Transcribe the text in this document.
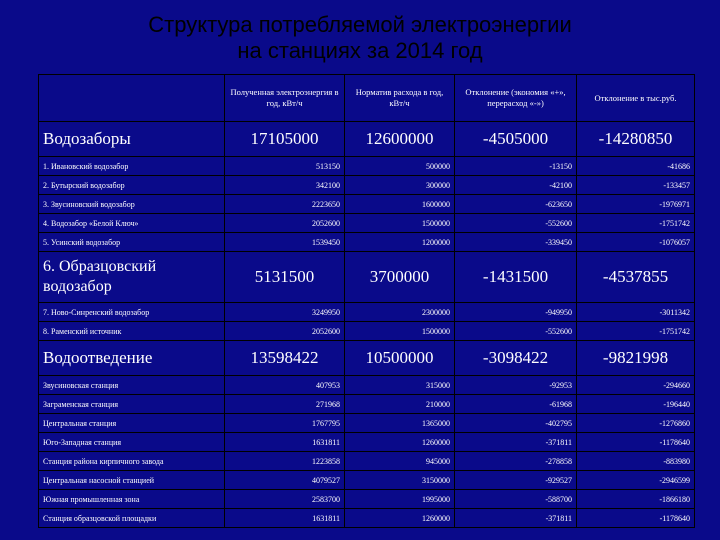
Структура потребляемой электроэнергии
на станциях за 2014 год
	Полученная электроэнергия в год, кВт/ч	Норматив расхода в год, кВт/ч	Отклонение (экономия «+», перерасход «-»)	Отклонение в тыс.руб.
Водозаборы	17105000	12600000	-4505000	-14280850
1. Ивановский водозабор	513150	500000	-13150	-41686
2. Бутырский водозабор	342100	300000	-42100	-133457
3. Звусиновский водозабор	2223650	1600000	-623650	-1976971
4. Водозабор «Белой Ключ»	2052600	1500000	-552600	-1751742
5. Усинский водозабор	1539450	1200000	-339450	-1076057
6. Образцовский водозабор	5131500	3700000	-1431500	-4537855
7. Ново-Синренский водозабор	3249950	2300000	-949950	-3011342
8. Раменский источник	2052600	1500000	-552600	-1751742
Водоотведение	13598422	10500000	-3098422	-9821998
Звусиновская станция	407953	315000	-92953	-294660
Заграменская станция	271968	210000	-61968	-196440
Центральная станция	1767795	1365000	-402795	-1276860
Юго-Западная станция	1631811	1260000	-371811	-1178640
Станция района кирпичного завода	1223858	945000	-278858	-883980
Центральная насосной станцией	4079527	3150000	-929527	-2946599
Южная промышленная зона	2583700	1995000	-588700	-1866180
Станция образцовской площадки	1631811	1260000	-371811	-1178640
